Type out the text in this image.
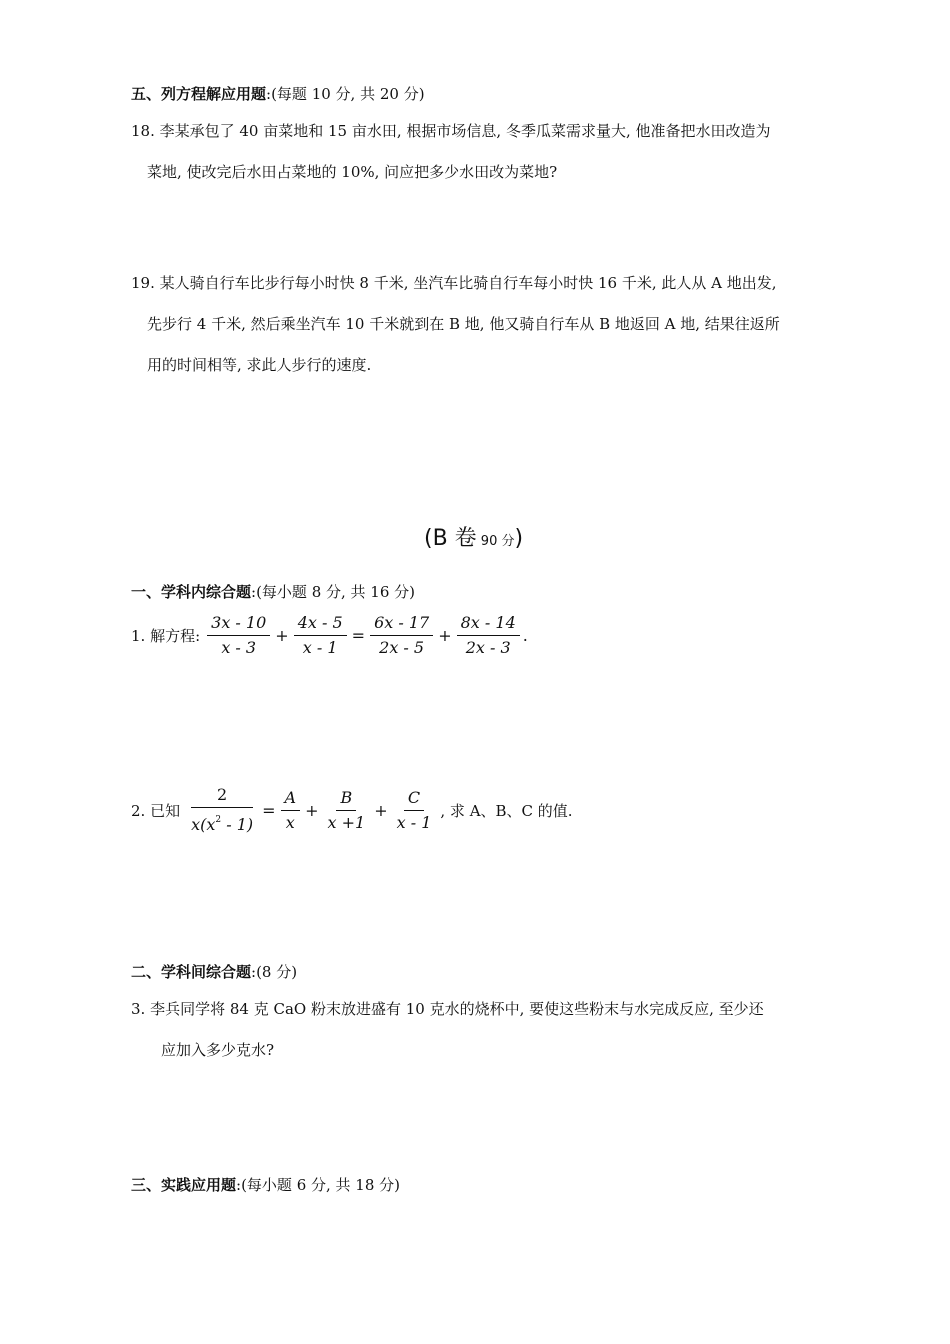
五、列方程解应用题:(每题 10 分, 共 20 分)
18. 李某承包了 40 亩菜地和 15 亩水田, 根据市场信息, 冬季瓜菜需求量大, 他准备把水田改造为
菜地, 使改完后水田占菜地的 10%, 问应把多少水田改为菜地?
19. 某人骑自行车比步行每小时快 8 千米, 坐汽车比骑自行车每小时快 16 千米, 此人从 A 地出发,
先步行 4 千米, 然后乘坐汽车 10 千米就到在 B 地, 他又骑自行车从 B 地返回 A 地, 结果往返所
用的时间相等, 求此人步行的速度.
(B 卷 90 分)
一、学科内综合题:(每小题 8 分, 共 16 分)
1. 解方程: $\frac{3x - 10}{x - 3} + \frac{4x - 5}{x - 1} = \frac{6x - 17}{2x - 5} + \frac{8x - 14}{2x - 3}$ .
2. 已知 $\frac{2}{x(x^2 - 1)} = \frac{A}{x} + \frac{B}{x +1} + \frac{C}{x - 1}$ , 求 A、B、C 的值.
二、学科间综合题:(8 分)
3. 李兵同学将 84 克 CaO 粉末放进盛有 10 克水的烧杯中, 要使这些粉末与水完成反应, 至少还
应加入多少克水?
三、实践应用题:(每小题 6 分, 共 18 分)
